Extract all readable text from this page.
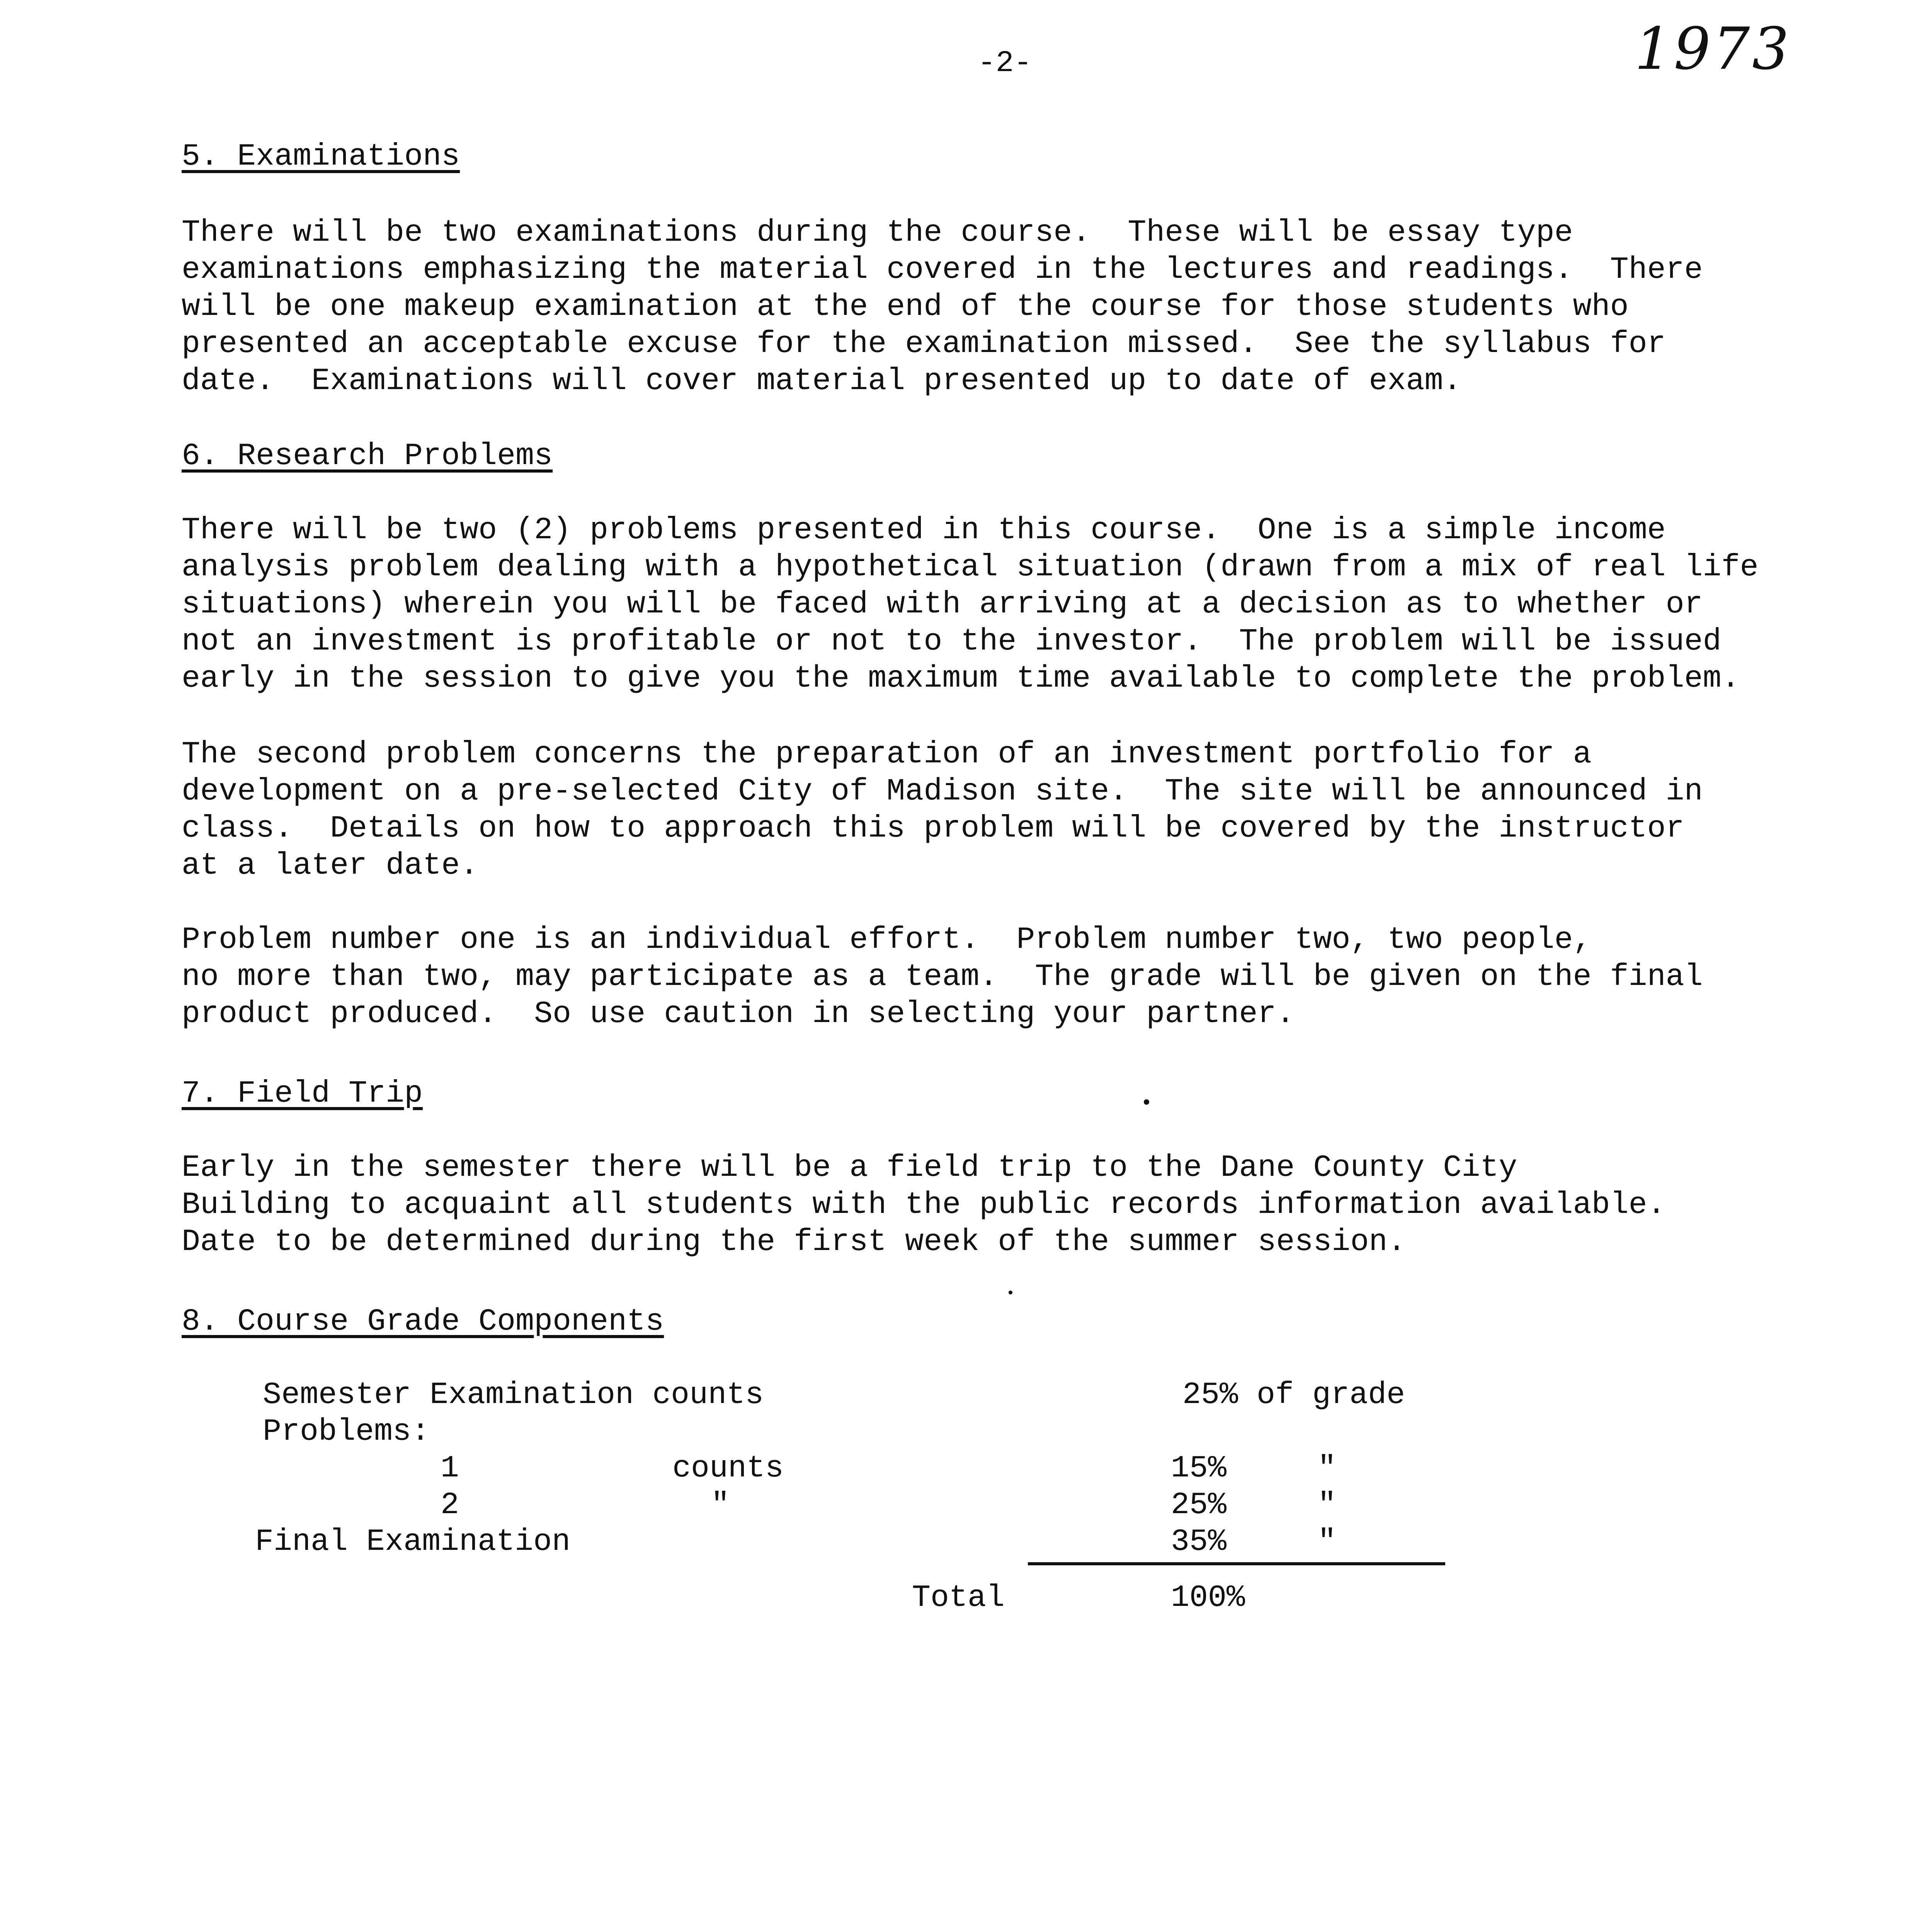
-2-	1973
5. Examinations

There will be two examinations during the course.  These will be essay type
examinations emphasizing the material covered in the lectures and readings.  There
will be one makeup examination at the end of the course for those students who
presented an acceptable excuse for the examination missed.  See the syllabus for
date.  Examinations will cover material presented up to date of exam.

6. Research Problems

There will be two (2) problems presented in this course.  One is a simple income
analysis problem dealing with a hypothetical situation (drawn from a mix of real life
situations) wherein you will be faced with arriving at a decision as to whether or
not an investment is profitable or not to the investor.  The problem will be issued
early in the session to give you the maximum time available to complete the problem.

The second problem concerns the preparation of an investment portfolio for a
development on a pre-selected City of Madison site.  The site will be announced in
class.  Details on how to approach this problem will be covered by the instructor
at a later date.

Problem number one is an individual effort.  Problem number two, two people,
no more than two, may participate as a team.  The grade will be given on the final
product produced.  So use caution in selecting your partner.

7. Field Trip

Early in the semester there will be a field trip to the Dane County City
Building to acquaint all students with the public records information available.
Date to be determined during the first week of the summer session.

8. Course Grade Components
Semester Examination counts	25% of grade
Problems:
1	counts	15%	"
2	"	25%	"
Final Examination	35%	"
Total	100%
